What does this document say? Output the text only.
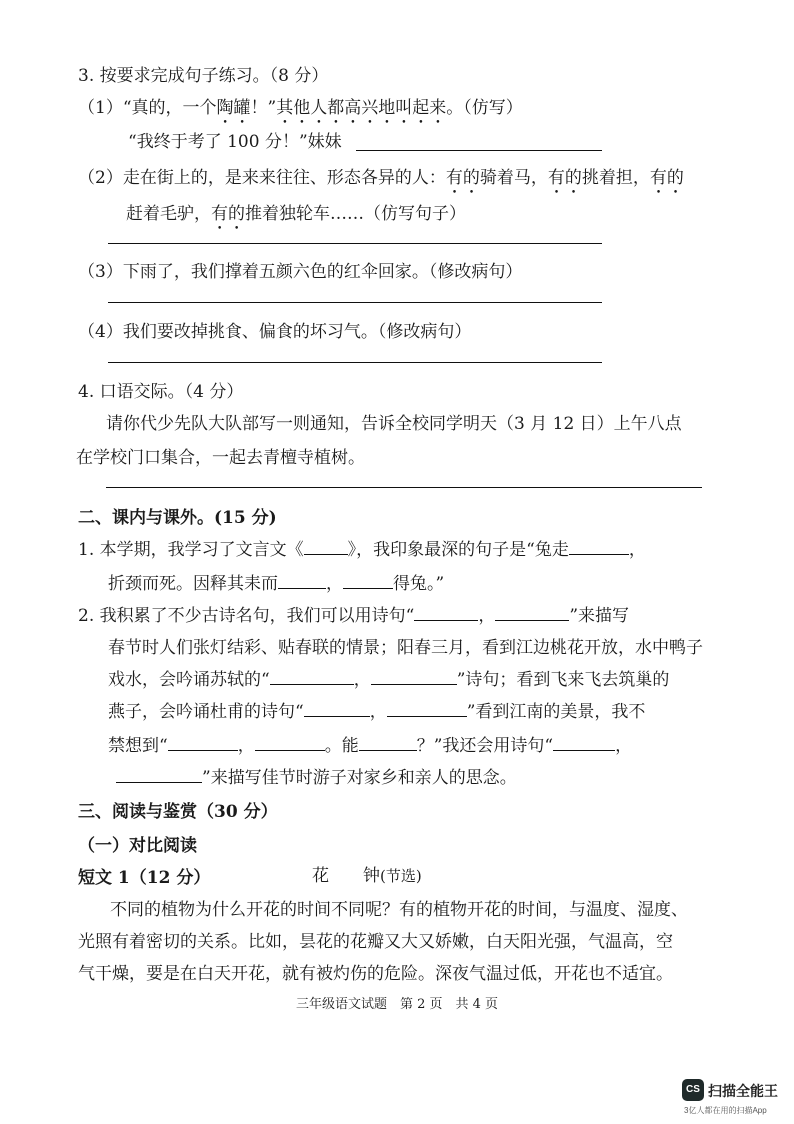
3. 按要求完成句子练习。（8 分）
（1）“真的，一个陶罐！”其他人都高兴地叫起来。（仿写）
“我终于考了 100 分！”妹妹
（2）走在街上的，是来来往往、形态各异的人：有的骑着马，有的挑着担，有的
赶着毛驴，有的推着独轮车……（仿写句子）
（3）下雨了，我们撑着五颜六色的红伞回家。（修改病句）
（4）我们要改掉挑食、偏食的坏习气。（修改病句）
4. 口语交际。（4 分）
请你代少先队大队部写一则通知，告诉全校同学明天（3 月 12 日）上午八点
在学校门口集合，一起去青檀寺植树。
二、课内与课外。(15 分)
1. 本学期，我学习了文言文《	》，我印象最深的句子是“兔走	，
折颈而死。因释其耒而	，	得兔。”
2. 我积累了不少古诗名句，我们可以用诗句“	，	”来描写
春节时人们张灯结彩、贴春联的情景；阳春三月，看到江边桃花开放，水中鸭子
戏水，会吟诵苏轼的“	，	”诗句；看到飞来飞去筑巢的
燕子，会吟诵杜甫的诗句“	，	”看到江南的美景，我不
禁想到“	，	。能	？”我还会用诗句“	，
”来描写佳节时游子对家乡和亲人的思念。
三、阅读与鉴赏（30 分）
（一）对比阅读
短文 1（12 分）	花　　钟(节选)
不同的植物为什么开花的时间不同呢？有的植物开花的时间，与温度、湿度、
光照有着密切的关系。比如，昙花的花瓣又大又娇嫩，白天阳光强，气温高，空
气干燥，要是在白天开花，就有被灼伤的危险。深夜气温过低，开花也不适宜。
三年级语文试题　第 2 页　共 4 页
CS 扫描全能王
3亿人都在用的扫描App
